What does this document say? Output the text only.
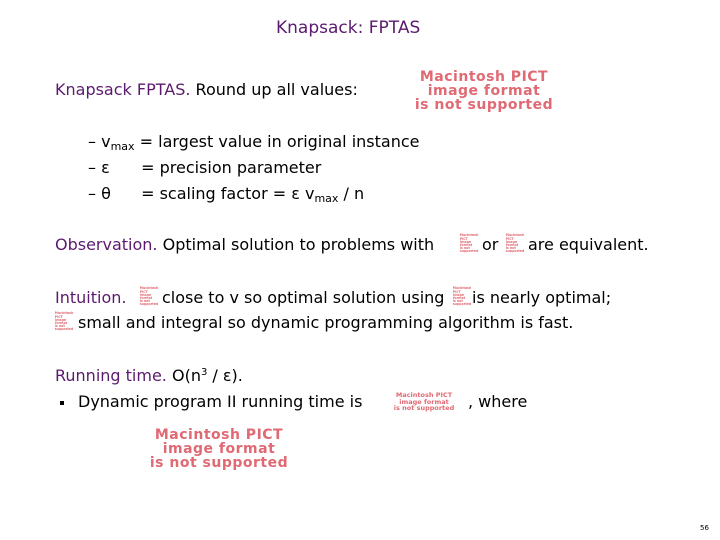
Knapsack: FPTAS
Knapsack FPTAS. Round up all values:
Macintosh PICT
image format
is not supported
– $v_{max}$ = largest value in original instance
– ε = precision parameter
– θ = scaling factor = ε $v_{max}$ / n
Observation. Optimal solution to problems with	Macintosh PICT
image format
is not supported or Macintosh PICT
image format
is not supported are equivalent.
Intuition.	Macintosh PICT
image format
is not supported close to v so optimal solution using	Macintosh PICT
image format
is not supported is nearly optimal;
Macintosh PICT
image format
is not supported small and integral so dynamic programming algorithm is fast.
Running time. $O(n^3 / \varepsilon)$.
Dynamic program II running time is	Macintosh PICT
image format
is not supported , where
Macintosh PICT
image format
is not supported
56
